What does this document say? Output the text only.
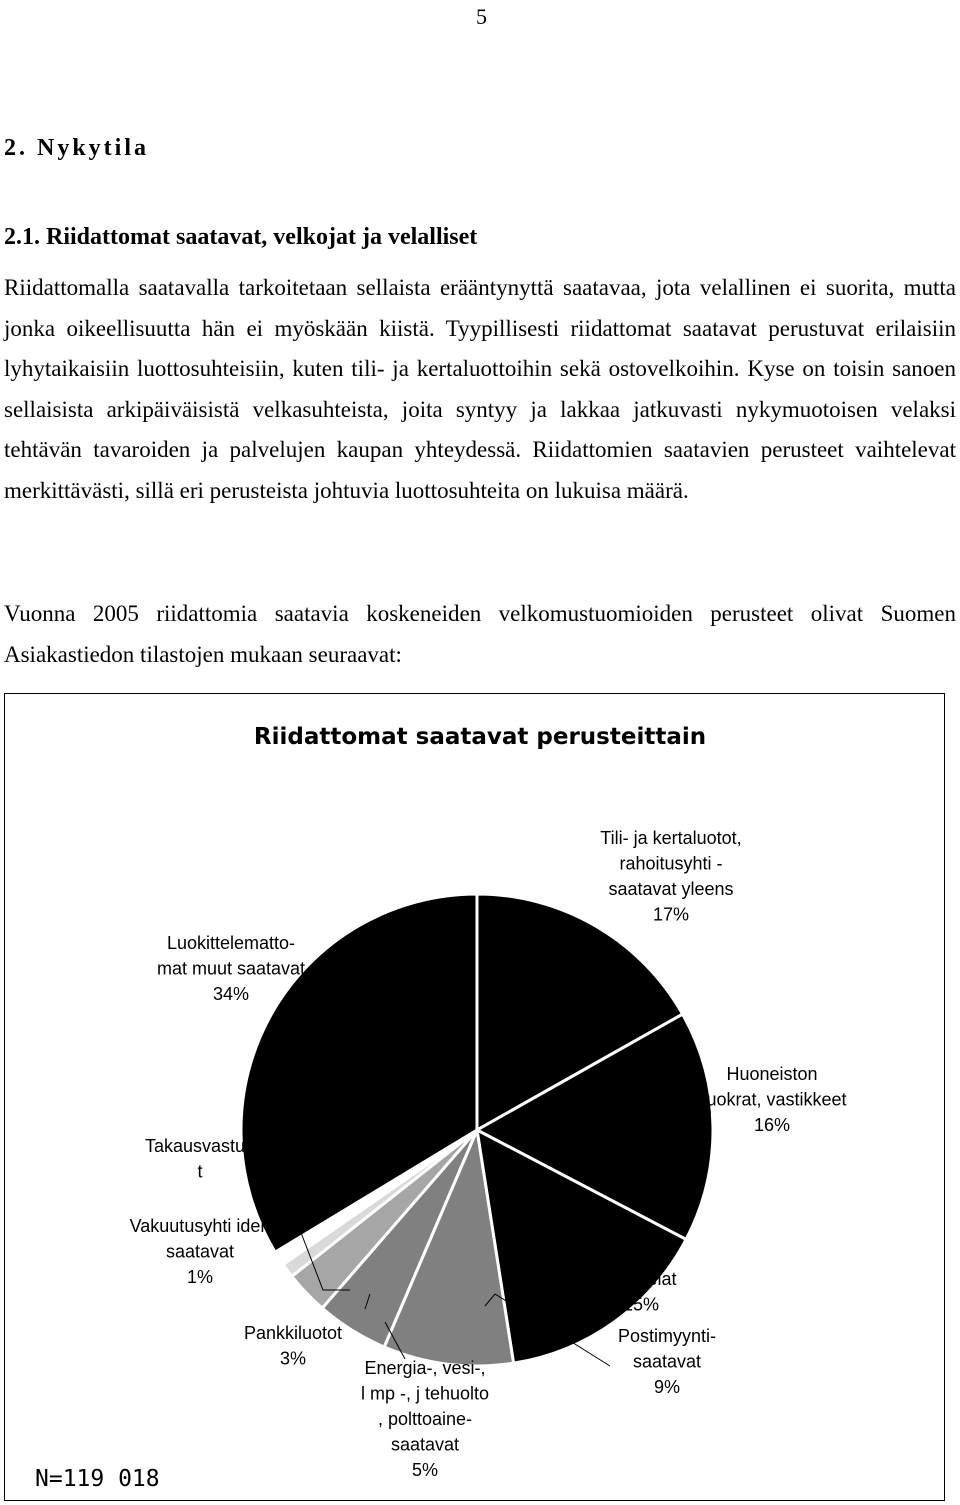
5
2. Nykytila
2.1. Riidattomat saatavat, velkojat ja velalliset

Riidattomalla saatavalla tarkoitetaan sellaista erääntynyttä saatavaa, jota velallinen ei suorita, mutta jonka oikeellisuutta hän ei myöskään kiistä. Tyypillisesti riidattomat saatavat perustuvat erilaisiin lyhytaikaisiin luottosuhteisiin, kuten tili- ja kertaluottoihin sekä ostovelkoihin. Kyse on toisin sanoen sellaisista arkipäiväisistä velkasuhteista, joita syntyy ja lakkaa jatkuvasti nykymuotoisen velaksi tehtävän tavaroiden ja palvelujen kaupan yhteydessä. Riidattomien saatavien perusteet vaihtelevat merkittävästi, sillä eri perusteista johtuvia luottosuhteita on lukuisa määrä.

Vuonna 2005 riidattomia saatavia koskeneiden velkomustuomioiden perusteet olivat Suomen Asiakastiedon tilastojen mukaan seuraavat:

Riidattomat saatavat perusteittain
Tili- ja kertaluotot, rahoitusyhti -saatavat yleens 17%
Huoneiston vuokrat, vastikkeet 16%
Televelat 15%
Postimyynti-saatavat 9%
Energia-, vesi-, l mp -, j tehuolto , polttoaine-saatavat 5%
Pankkiluotot 3%
Vakuutusyhti iden saatavat 1%
Takausvastuu t
Luokittelematto-mat muut saatavat 34%
N=119 018
